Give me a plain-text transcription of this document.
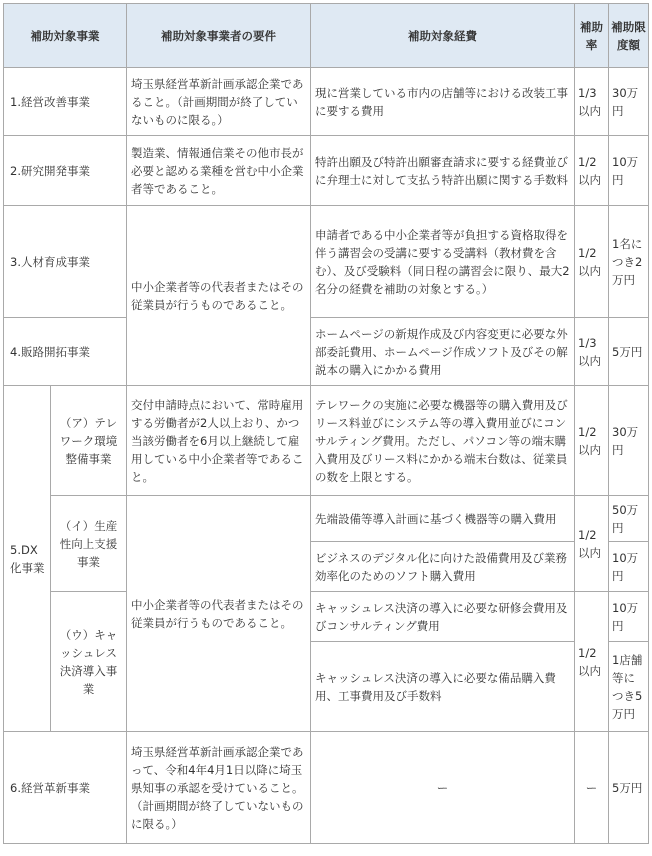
補助対象事業		補助対象事業者の要件	補助対象経費	補助率	補助限度額
1.経営改善事業		埼玉県経営革新計画承認企業であること。（計画期間が終了していないものに限る。）	現に営業している市内の店舗等における改装工事に要する費用	1/3以内	30万円
2.研究開発事業		製造業、情報通信業その他市長が必要と認める業種を営む中小企業者等であること。	特許出願及び特許出願審査請求に要する経費並びに弁理士に対して支払う特許出願に関する手数料	1/2以内	10万円
3.人材育成事業		中小企業者等の代表者またはその従業員が行うものであること。	申請者である中小企業者等が負担する資格取得を伴う講習会の受講に要する受講料（教材費を含む）、及び受験料（同日程の講習会に限り、最大2名分の経費を補助の対象とする。）	1/2以内	1名につき2万円
4.販路開拓事業			ホームページの新規作成及び内容変更に必要な外部委託費用、ホームページ作成ソフト及びその解説本の購入にかかる費用	1/3以内	5万円
5.DX化事業	（ア）テレワーク環境整備事業	交付申請時点において、常時雇用する労働者が2人以上おり、かつ当該労働者を6月以上継続して雇用している中小企業者等であること。	テレワークの実施に必要な機器等の購入費用及びリース料並びにシステム等の導入費用並びにコンサルティング費用。ただし、パソコン等の端末購入費用及びリース料にかかる端末台数は、従業員の数を上限とする。	1/2以内	30万円
	（イ）生産性向上支援事業	中小企業者等の代表者またはその従業員が行うものであること。	先端設備等導入計画に基づく機器等の購入費用	1/2以内	50万円
			ビジネスのデジタル化に向けた設備費用及び業務効率化のためのソフト購入費用		10万円
	（ウ）キャッシュレス決済導入事業		キャッシュレス決済の導入に必要な研修会費用及びコンサルティング費用	1/2以内	10万円
			キャッシュレス決済の導入に必要な備品購入費用、工事費用及び手数料		1店舗等につき5万円
6.経営革新事業		埼玉県経営革新計画承認企業であって、令和4年4月1日以降に埼玉県知事の承認を受けていること。（計画期間が終了していないものに限る。）	ー	ー	5万円
